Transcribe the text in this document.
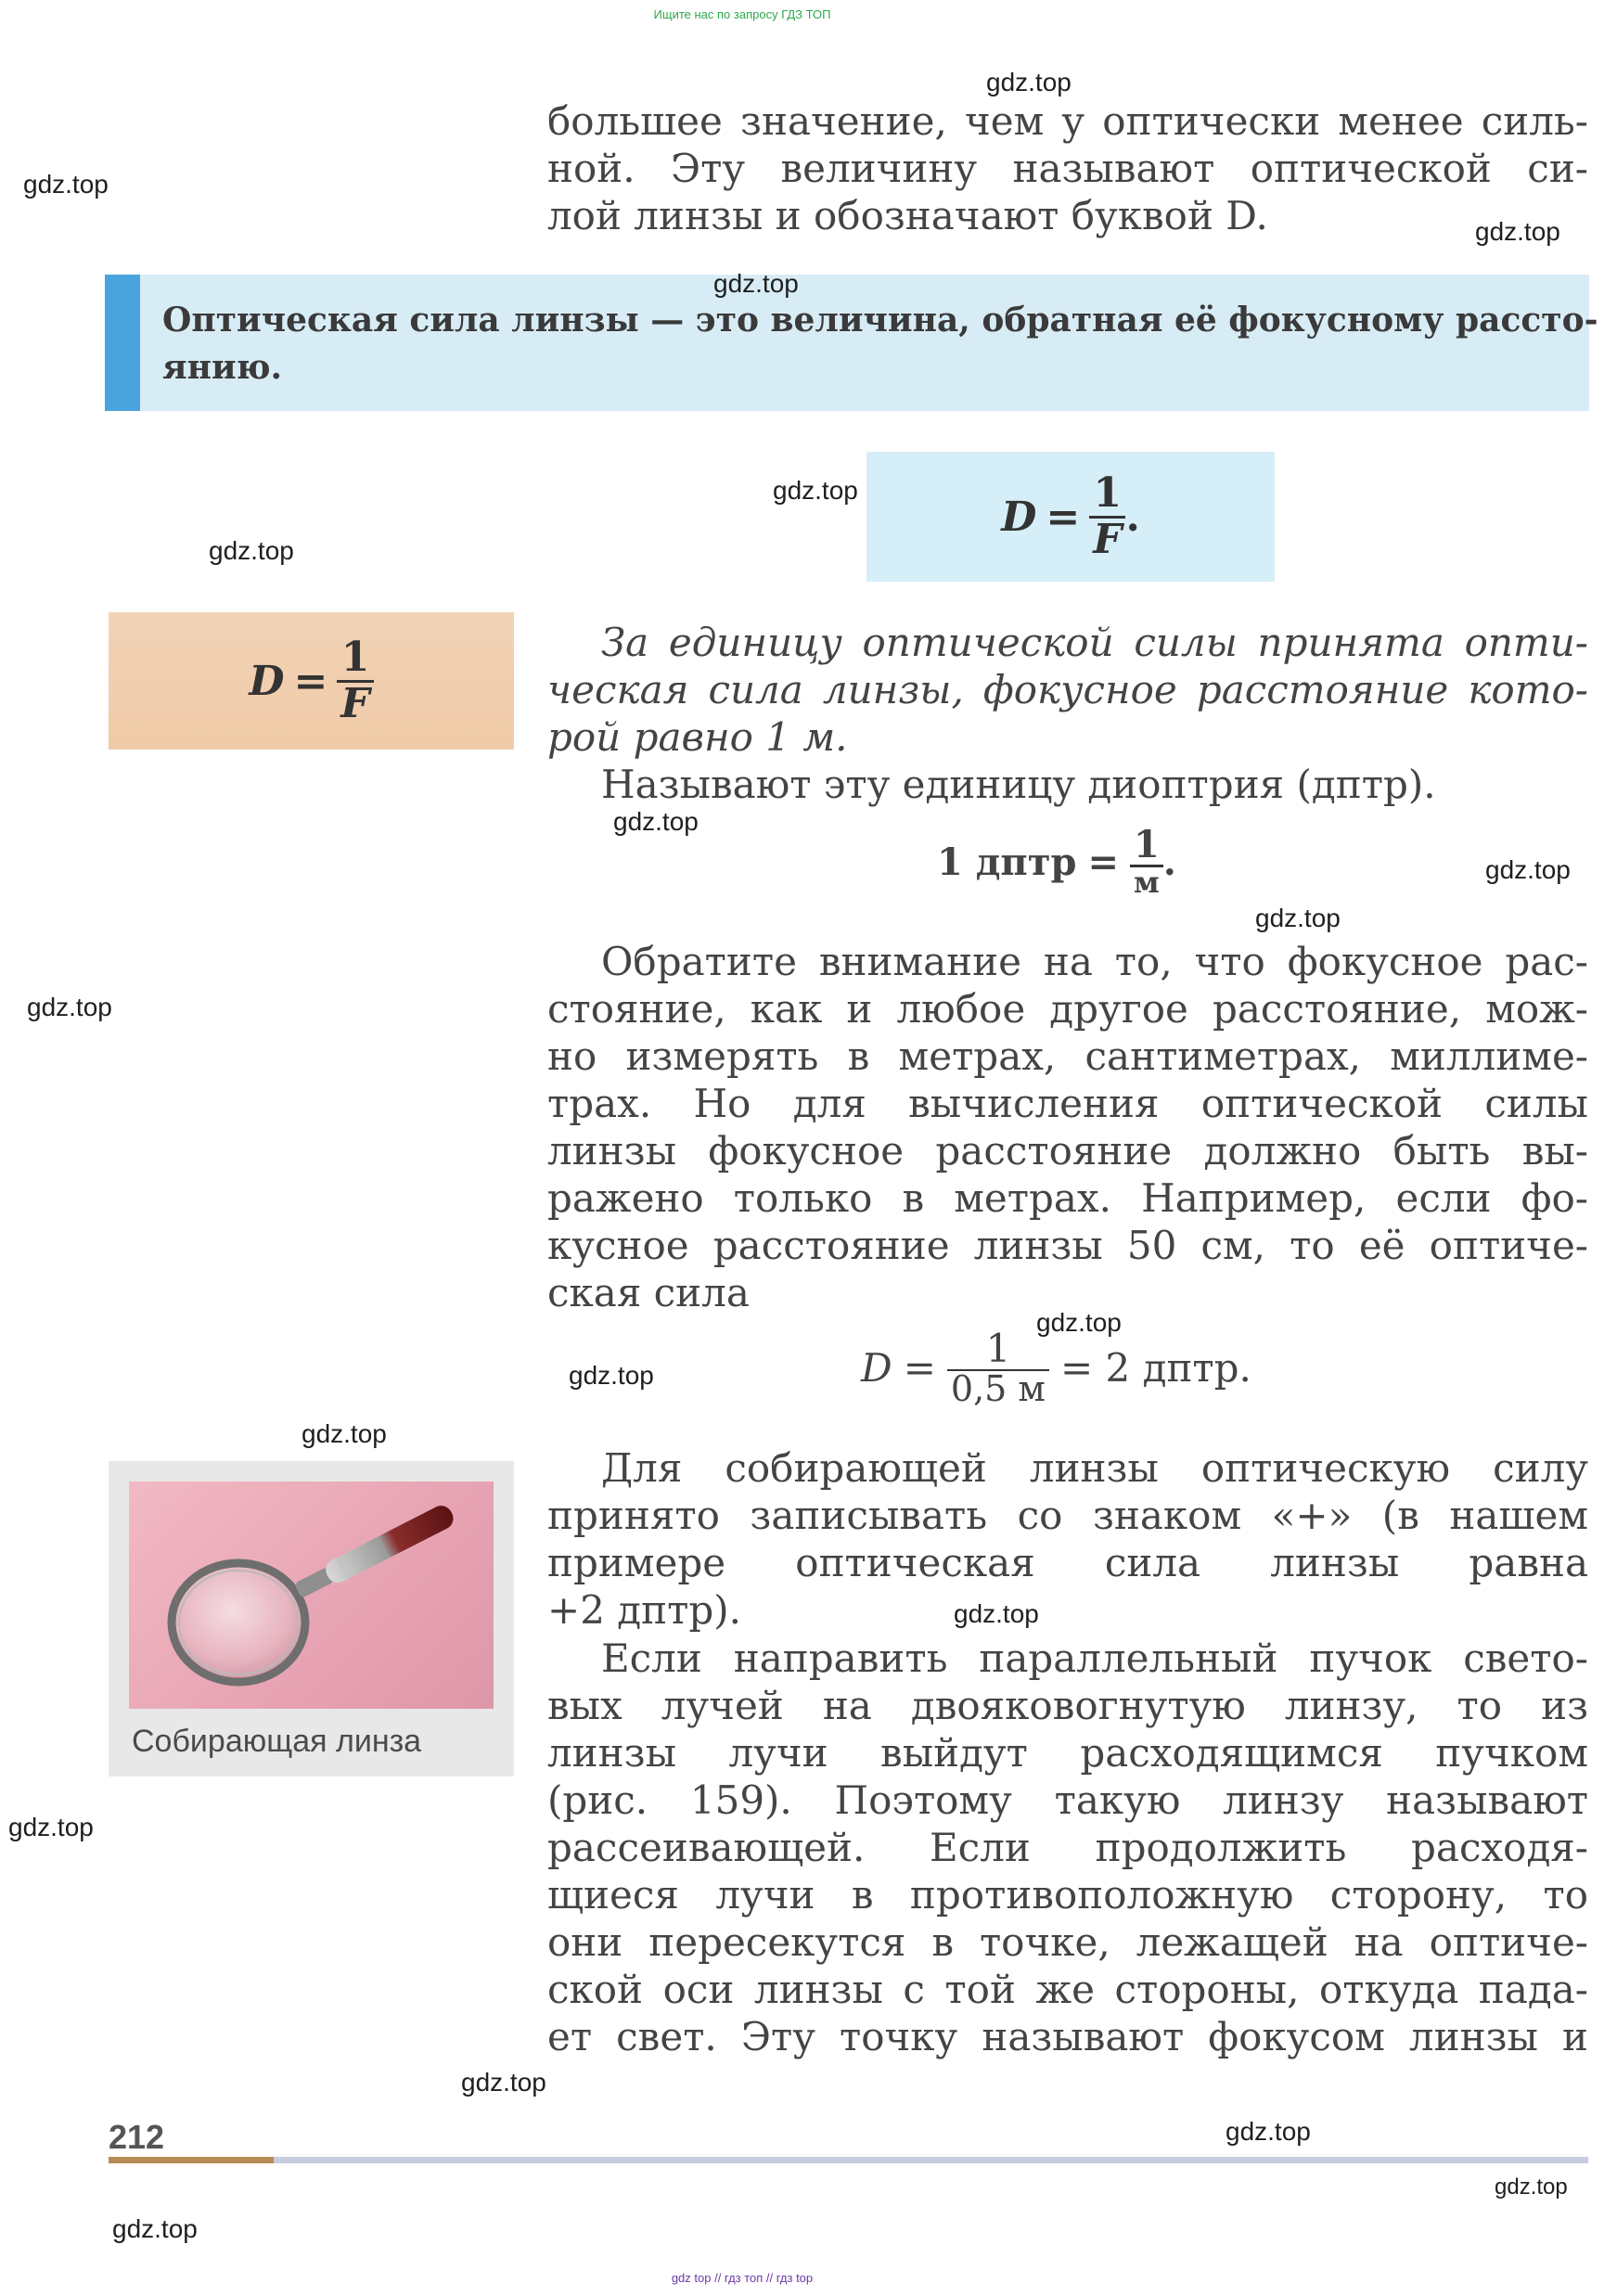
Ищите нас по запросу ГДЗ ТОП
большее значение, чем у оптически менее силь-
ной. Эту величину называют оптической си-
лой линзы и обозначают буквой D.
Оптическая сила линзы — это величина, обратная её фокусному рассто-
янию.
$D = \frac{1}{F}$ .
$D = \frac{1}{F}$	За единицу оптической силы принята опти-
ческая сила линзы, фокусное расстояние кото-
рой равно 1 м.
Называют эту единицу диоптрия (дптр).
1 дптр = $\frac{1}{м}$ .
Обратите внимание на то, что фокусное рас-
стояние, как и любое другое расстояние, мож-
но измерять в метрах, сантиметрах, миллиме-
трах. Но для вычисления оптической силы
линзы фокусное расстояние должно быть вы-
ражено только в метрах. Например, если фо-
кусное расстояние линзы 50 см, то её оптиче-
ская сила
$D = \frac{1}{0,5 м} = 2$ дптр.
Для собирающей линзы оптическую силу
принято записывать со знаком «+» (в нашем
примере оптическая сила линзы равна
+2 дптр).
Если направить параллельный пучок свето-
вых лучей на двояковогнутую линзу, то из
линзы лучи выйдут расходящимся пучком
(рис. 159). Поэтому такую линзу называют
рассеивающей. Если продолжить расходя-
щиеся лучи в противоположную сторону, то
они пересекутся в точке, лежащей на оптиче-
ской оси линзы с той же стороны, откуда пада-
ет свет. Эту точку называют фокусом линзы и
Собирающая линза
gdz.top
gdz.top
gdz.top
gdz.top
gdz.top
gdz.top
gdz.top
gdz.top
gdz.top
gdz.top
gdz.top
gdz.top
gdz.top
gdz.top
gdz.top
gdz.top
gdz.top
gdz.top
gdz.top
212
gdz top // гдз топ // гдз top
